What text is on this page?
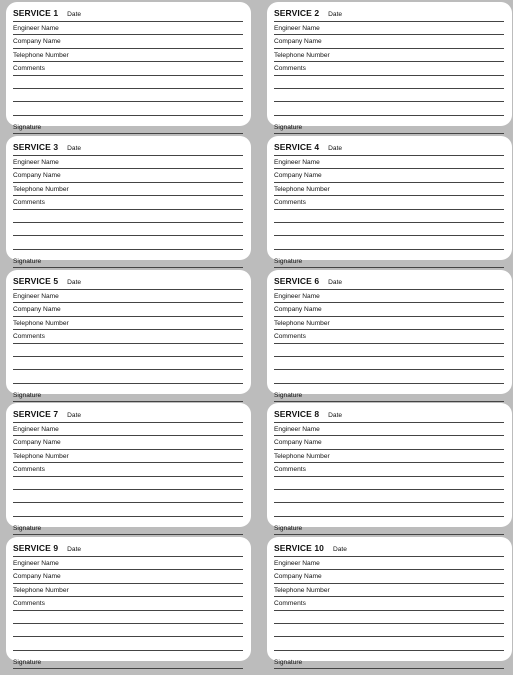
SERVICE 1 Date
Engineer Name
Company Name
Telephone Number
Comments
Signature
SERVICE 2 Date
Engineer Name
Company Name
Telephone Number
Comments
Signature
SERVICE 3 Date
Engineer Name
Company Name
Telephone Number
Comments
Signature
SERVICE 4 Date
Engineer Name
Company Name
Telephone Number
Comments
Signature
SERVICE 5 Date
Engineer Name
Company Name
Telephone Number
Comments
Signature
SERVICE 6 Date
Engineer Name
Company Name
Telephone Number
Comments
Signature
SERVICE 7 Date
Engineer Name
Company Name
Telephone Number
Comments
Signature
SERVICE 8 Date
Engineer Name
Company Name
Telephone Number
Comments
Signature
SERVICE 9 Date
Engineer Name
Company Name
Telephone Number
Comments
Signature
SERVICE 10 Date
Engineer Name
Company Name
Telephone Number
Comments
Signature
